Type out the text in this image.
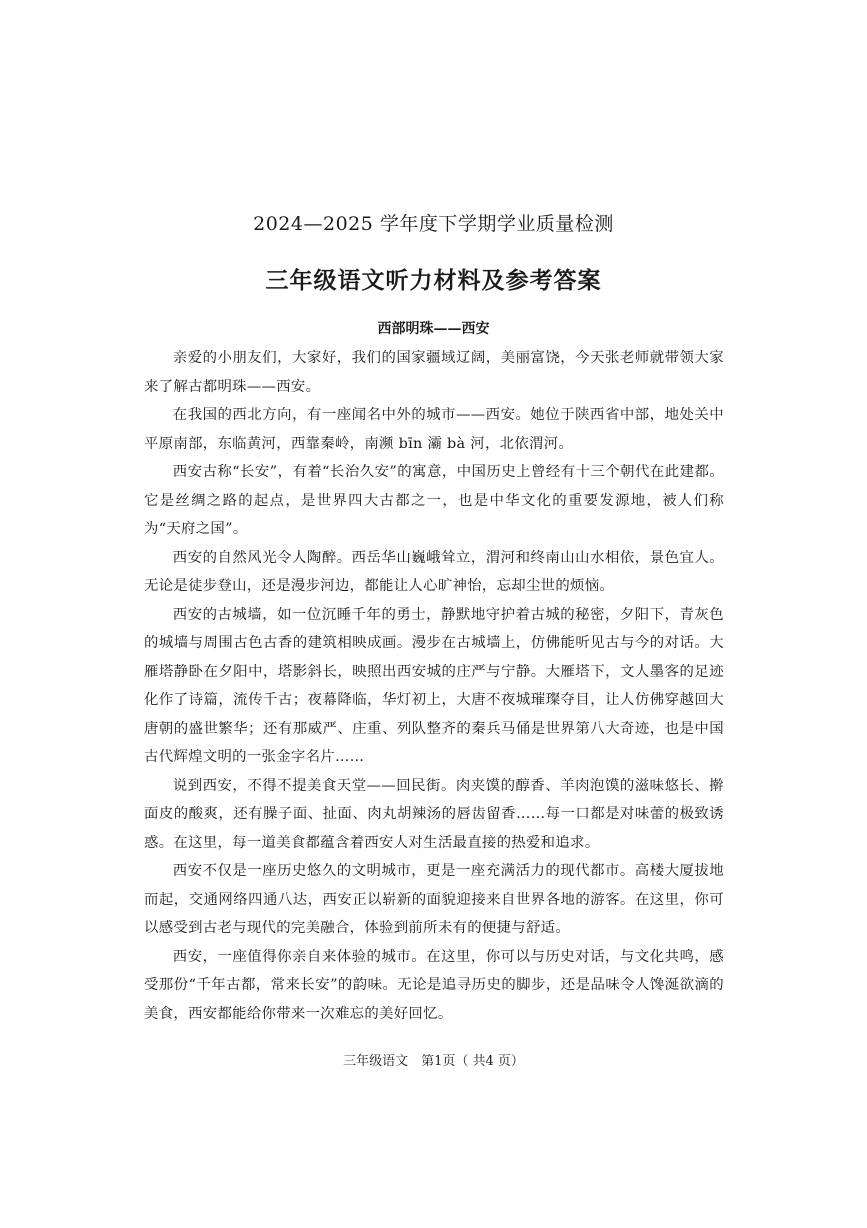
2024—2025 学年度下学期学业质量检测
三年级语文听力材料及参考答案
西部明珠——西安

亲爱的小朋友们，大家好，我们的国家疆域辽阔，美丽富饶，今天张老师就带领大家来了解古都明珠——西安。

在我国的西北方向，有一座闻名中外的城市——西安。她位于陕西省中部，地处关中平原南部，东临黄河，西靠秦岭，南濒 bīn 灞 bà 河，北依渭河。

西安古称“长安”，有着“长治久安”的寓意，中国历史上曾经有十三个朝代在此建都。它是丝绸之路的起点，是世界四大古都之一，也是中华文化的重要发源地，被人们称为“天府之国”。

西安的自然风光令人陶醉。西岳华山巍峨耸立，渭河和终南山山水相依，景色宜人。无论是徒步登山，还是漫步河边，都能让人心旷神怡，忘却尘世的烦恼。

西安的古城墙，如一位沉睡千年的勇士，静默地守护着古城的秘密，夕阳下，青灰色的城墙与周围古色古香的建筑相映成画。漫步在古城墙上，仿佛能听见古与今的对话。大雁塔静卧在夕阳中，塔影斜长，映照出西安城的庄严与宁静。大雁塔下，文人墨客的足迹化作了诗篇，流传千古；夜幕降临，华灯初上，大唐不夜城璀璨夺目，让人仿佛穿越回大唐朝的盛世繁华；还有那威严、庄重、列队整齐的秦兵马俑是世界第八大奇迹，也是中国古代辉煌文明的一张金字名片……

说到西安，不得不提美食天堂——回民街。肉夹馍的醇香、羊肉泡馍的滋味悠长、擀面皮的酸爽，还有臊子面、扯面、肉丸胡辣汤的唇齿留香……每一口都是对味蕾的极致诱惑。在这里，每一道美食都蕴含着西安人对生活最直接的热爱和追求。

西安不仅是一座历史悠久的文明城市，更是一座充满活力的现代都市。高楼大厦拔地而起，交通网络四通八达，西安正以崭新的面貌迎接来自世界各地的游客。在这里，你可以感受到古老与现代的完美融合，体验到前所未有的便捷与舒适。

西安，一座值得你亲自来体验的城市。在这里，你可以与历史对话，与文化共鸣，感受那份“千年古都，常来长安”的韵味。无论是追寻历史的脚步，还是品味令人馋涎欲滴的美食，西安都能给你带来一次难忘的美好回忆。

三年级语文　第1页（ 共4 页）
